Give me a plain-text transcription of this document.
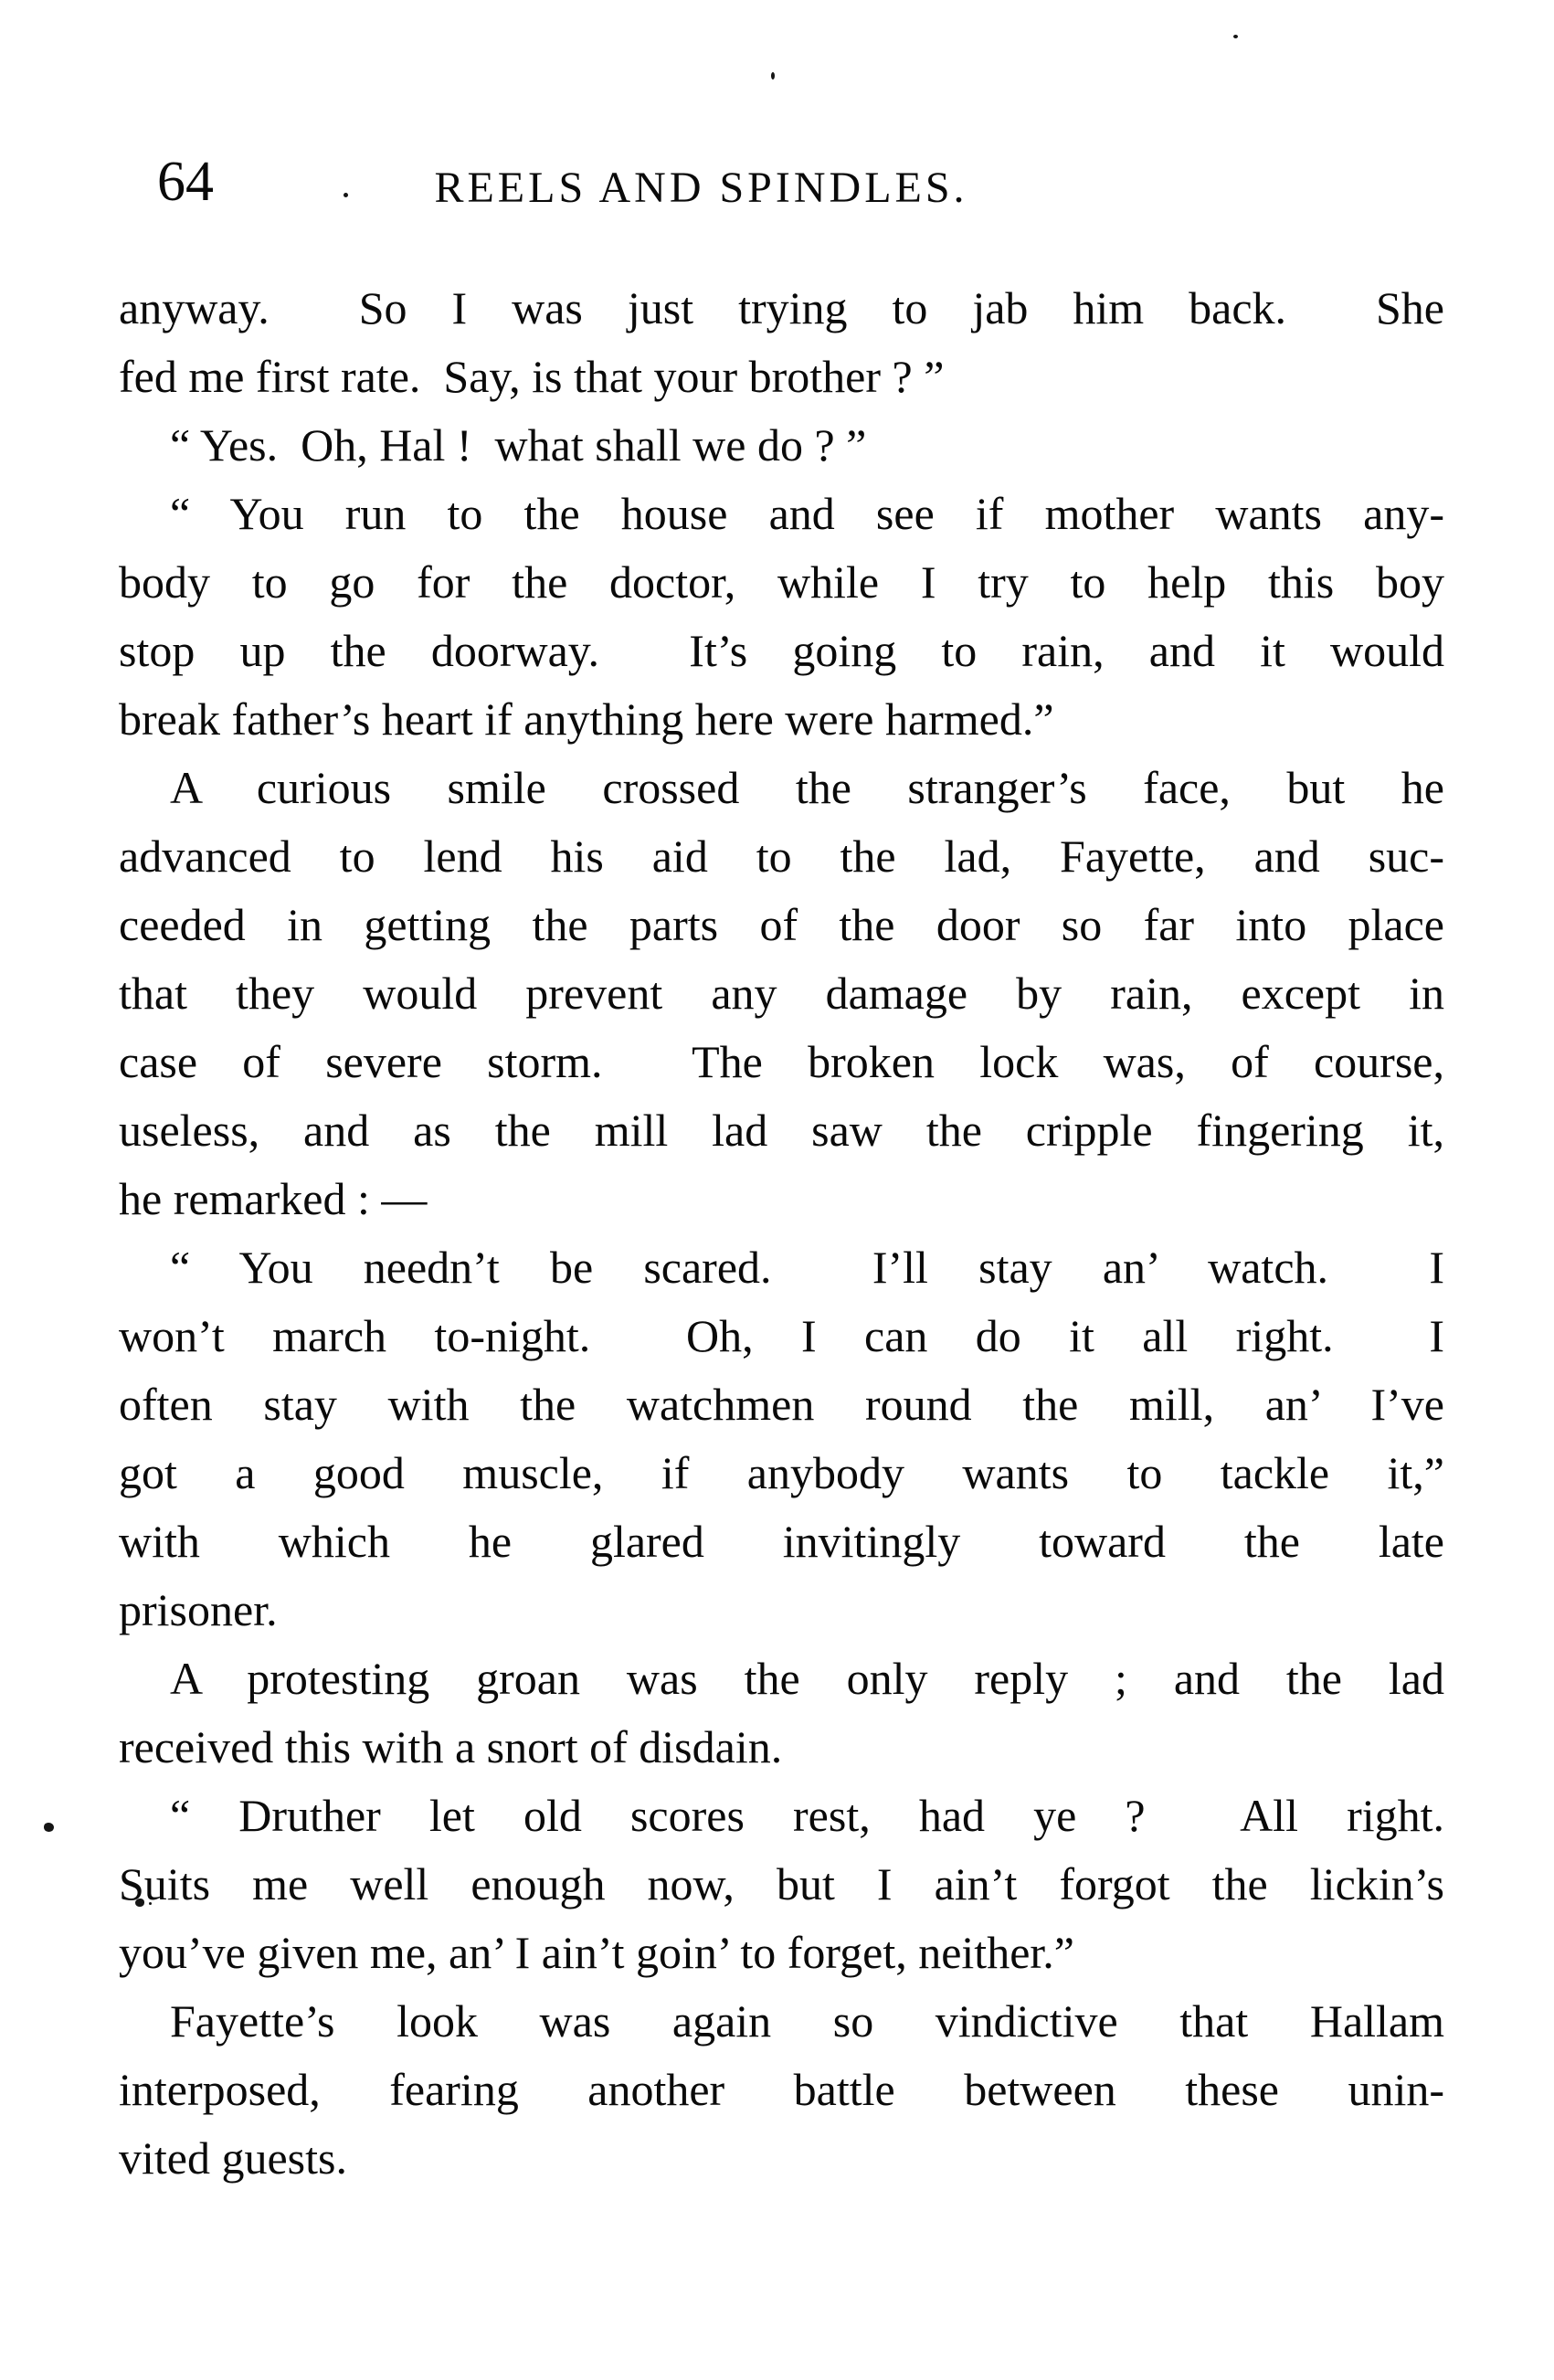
64	REELS AND SPINDLES.
anyway.  So I was just trying to jab him back.  She
fed me first rate.  Say, is that your brother ? ”
“ Yes.  Oh, Hal !  what shall we do ? ”
“ You run to the house and see if mother wants any-
body to go for the doctor, while I try to help this boy
stop up the doorway.  It’s going to rain, and it would
break father’s heart if anything here were harmed.”
A curious smile crossed the stranger’s face, but he
advanced to lend his aid to the lad, Fayette, and suc-
ceeded in getting the parts of the door so far into place
that they would prevent any damage by rain, except in
case of severe storm.  The broken lock was, of course,
useless, and as the mill lad saw the cripple fingering it,
he remarked : —
“ You needn’t be scared.  I’ll stay an’ watch.  I
won’t march to-night.  Oh, I can do it all right.  I
often stay with the watchmen round the mill, an’ I’ve
got a good muscle, if anybody wants to tackle it,”
with which he glared invitingly toward the late
prisoner.
A protesting groan was the only reply ; and the lad
received this with a snort of disdain.
“ Druther let old scores rest, had ye ?  All right.
Suits me well enough now, but I ain’t forgot the lickin’s
you’ve given me, an’ I ain’t goin’ to forget, neither.”
Fayette’s look was again so vindictive that Hallam
interposed, fearing another battle between these unin-
vited guests.
